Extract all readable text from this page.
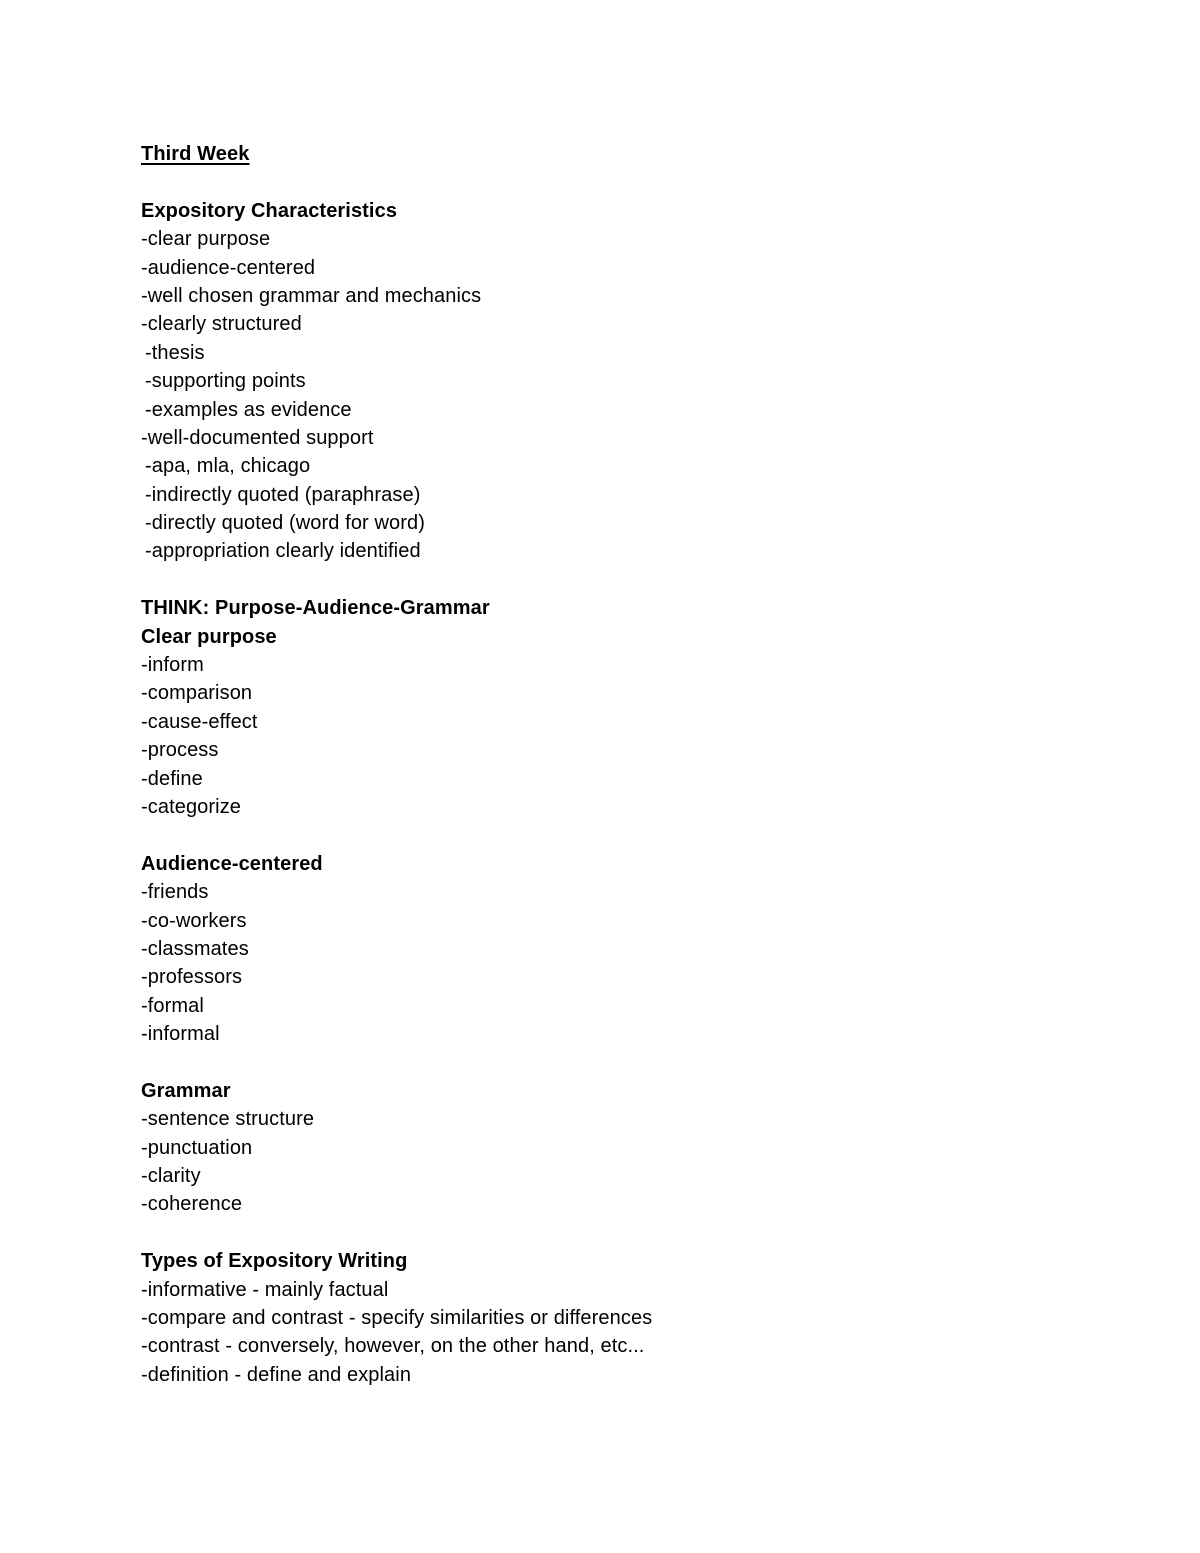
Third Week
Expository Characteristics
-clear purpose
-audience-centered
-well chosen grammar and mechanics
-clearly structured
-thesis
-supporting points
-examples as evidence
-well-documented support
-apa, mla, chicago
-indirectly quoted (paraphrase)
-directly quoted (word for word)
-appropriation clearly identified
THINK: Purpose-Audience-Grammar
Clear purpose
-inform
-comparison
-cause-effect
-process
-define
-categorize
Audience-centered
-friends
-co-workers
-classmates
-professors
-formal
-informal
Grammar
-sentence structure
-punctuation
-clarity
-coherence
Types of Expository Writing
-informative - mainly factual
-compare and contrast - specify similarities or differences
-contrast - conversely, however, on the other hand, etc...
-definition - define and explain
